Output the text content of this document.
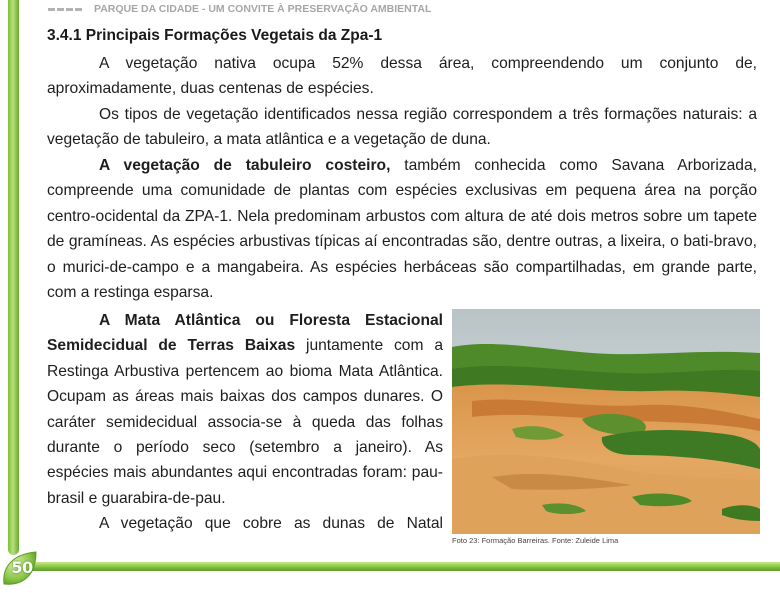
PARQUE DA CIDADE - UM CONVITE À PRESERVAÇÃO AMBIENTAL
3.4.1 Principais Formações Vegetais da Zpa-1

A vegetação nativa ocupa 52% dessa área, compreendendo um conjunto de, aproximadamente, duas centenas de espécies.

Os tipos de vegetação identificados nessa região correspondem a três formações naturais: a vegetação de tabuleiro, a mata atlântica e a vegetação de duna.

A vegetação de tabuleiro costeiro, também conhecida como Savana Arborizada, compreende uma comunidade de plantas com espécies exclusivas em pequena área na porção centro-ocidental da ZPA-1. Nela predominam arbustos com altura de até dois metros sobre um tapete de gramíneas. As espécies arbustivas típicas aí encontradas são, dentre outras, a lixeira, o bati-bravo, o murici-de-campo e a mangabeira. As espécies herbáceas são compartilhadas, em grande parte, com a restinga esparsa.

A Mata Atlântica ou Floresta Estacional Semidecidual de Terras Baixas juntamente com a Restinga Arbustiva pertencem ao bioma Mata Atlântica. Ocupam as áreas mais baixas dos campos dunares. O caráter semidecidual associa-se à queda das folhas durante o período seco (setembro a janeiro). As espécies mais abundantes aqui encontradas foram: pau-brasil e guarabira-de-pau.

A vegetação que cobre as dunas de Natal

Foto 23: Formação Barreiras. Fonte: Zuleide Lima
50
